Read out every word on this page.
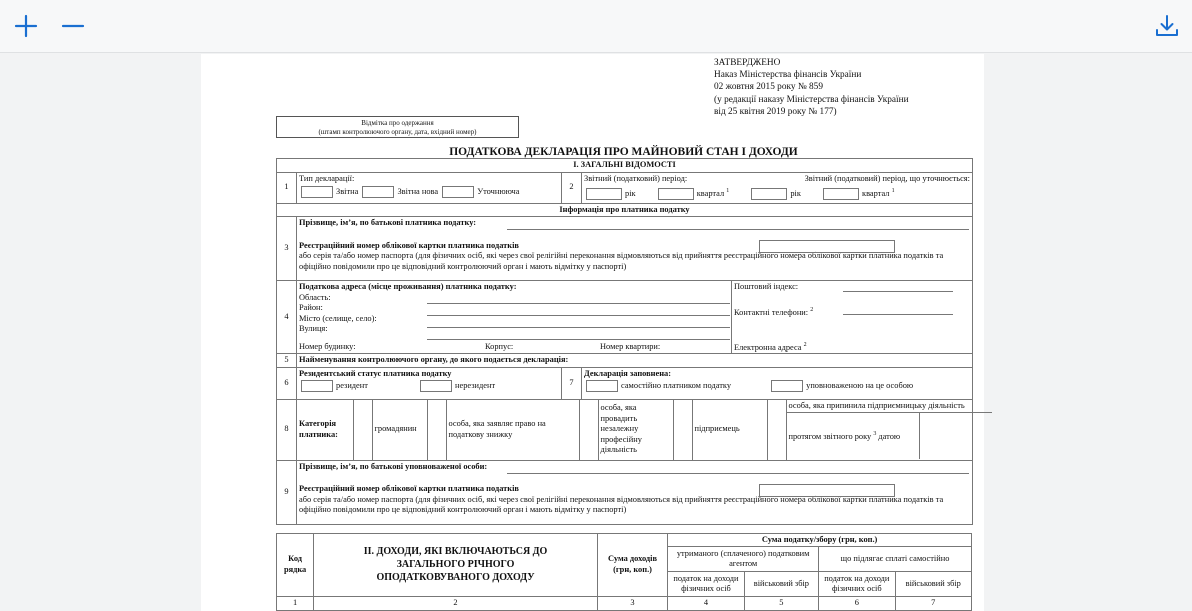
ЗАТВЕРДЖЕНО
Наказ Міністерства фінансів України
02 жовтня 2015 року № 859
(у редакції наказу Міністерства фінансів України
від 25 квітня 2019 року № 177)
Відмітка про одержання
(штамп контролюючого органу, дата, вхідний номер)
ПОДАТКОВА ДЕКЛАРАЦІЯ ПРО МАЙНОВИЙ СТАН І ДОХОДИ
І. ЗАГАЛЬНІ ВІДОМОСТІ
1	
Тип декларації:
Звітна	Звітна нова	Уточнююча
	2	
Звітний (податковий) період:	Звітний (податковий) період, що уточнюється:
рік	квартал $^1$	рік	квартал $^1$

Інформація про платника податку
3	
Прізвище, ім’я, по батькові платника податку:
Реєстраційний номер облікової картки платника податків
або серія та/або номер паспорта (для фізичних осіб, які через свої релігійні переконання відмовляються від прийняття реєстраційного номера облікової картки платника податків та офіційно повідомили про це відповідний контролюючий орган і мають відмітку у паспорті)

4	
Податкова адреса (місце проживання) платника податку:
Область:
Район:
Місто (селище, село):
Вулиця:
Номер будинку:	Корпус:	Номер квартири:
Поштовий індекс:
Контактні телефони: $^2$
Електронна адреса $^2$

5	Найменування контролюючого органу, до якого подається декларація:
6	
Резидентський статус платника податку
резидент	нерезидент	7	
Декларація заповнена:
самостійно платником податку	уповноваженою на це особою

8	
Категорія платника:		громадянин		особа, яка заявляє право на податкову знижку		особа, яка провадить незалежну професійну діяльність		підприємець		
особа, яка припинила підприємницьку діяльність
протягом звітного року $^3$ датою

9	
Прізвище, ім’я, по батькові уповноваженої особи:
Реєстраційний номер облікової картки платника податків
або серія та/або номер паспорта (для фізичних осіб, які через свої релігійні переконання відмовляються від прийняття реєстраційного номера облікової картки платника податків та офіційно повідомили про це відповідний контролюючий орган і мають відмітку у паспорті)
Код рядка	ІІ. ДОХОДИ, ЯКІ ВКЛЮЧАЮТЬСЯ ДО ЗАГАЛЬНОГО РІЧНОГО ОПОДАТКОВУВАНОГО ДОХОДУ	Сума доходів (грн, коп.)	Сума податку/збору (грн, коп.)			
			утриманого (сплаченого) податковим агентом		що підлягає сплаті самостійно	
			податок на доходи фізичних осіб	військовий збір	податок на доходи фізичних осіб	військовий збір
1	2	3	4	5	6	7
